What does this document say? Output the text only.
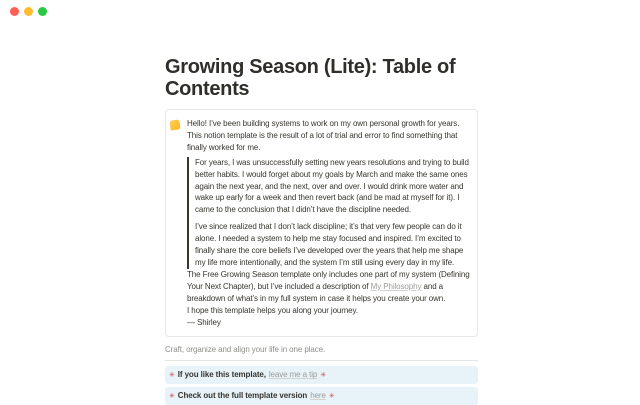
Growing Season (Lite): Table of Contents

Hello! I’ve been building systems to work on my own personal growth for years. This notion template is the result of a lot of trial and error to find something that finally worked for me.

For years, I was unsuccessfully setting new years resolutions and trying to build better habits. I would forget about my goals by March and make the same ones again the next year, and the next, over and over. I would drink more water and wake up early for a week and then revert back (and be mad at myself for it). I came to the conclusion that I didn’t have the discipline needed.

I’ve since realized that I don’t lack discipline; it’s that very few people can do it alone. I needed a system to help me stay focused and inspired. I’m excited to finally share the core beliefs I’ve developed over the years that help me shape my life more intentionally, and the system I’m still using every day in my life.

The Free Growing Season template only includes one part of my system (Defining Your Next Chapter), but I’ve included a description of My Philosophy and a breakdown of what’s in my full system in case it helps you create your own.

I hope this template helps you along your journey.

— Shirley

Craft, organize and align your life in one place.

✳ If you like this template, leave me a tip ✳
✳ Check out the full template version here ✳
